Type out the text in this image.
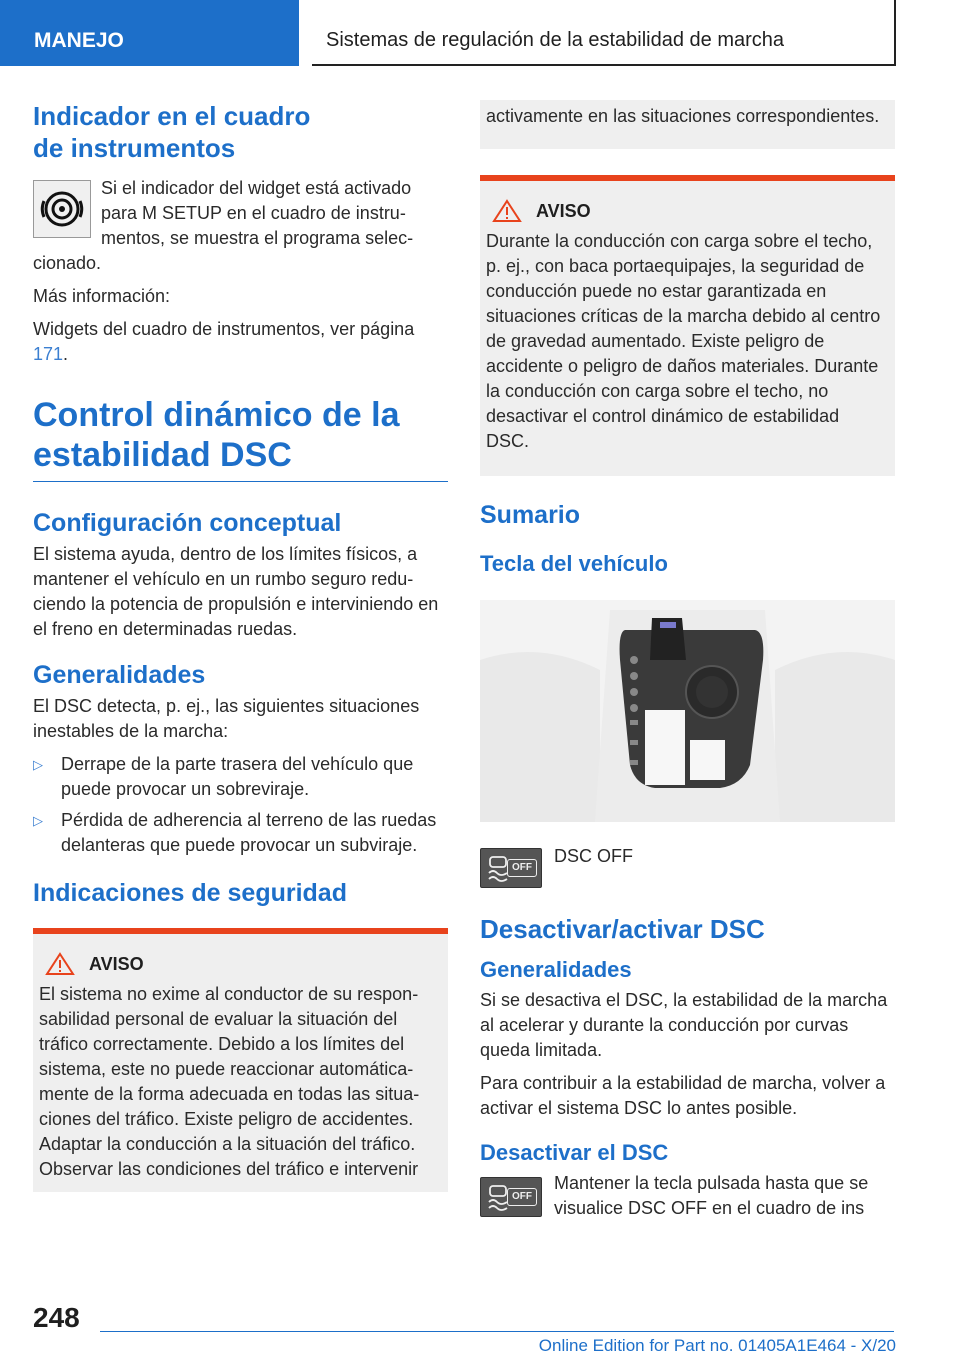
MANEJO	Sistemas de regulación de la estabilidad de marcha
Indicador en el cuadro
de instrumentos
Si el indicador del widget está activado para M SETUP en el cuadro de instrumentos, se muestra el programa seleccionado.
Más información:
Widgets del cuadro de instrumentos, ver página 171.
Control dinámico de la estabilidad DSC
Configuración conceptual
El sistema ayuda, dentro de los límites físicos, a mantener el vehículo en un rumbo seguro reduciendo la potencia de propulsión e interviniendo en el freno en determinadas ruedas.
Generalidades
El DSC detecta, p. ej., las siguientes situaciones inestables de la marcha:
▷ Derrape de la parte trasera del vehículo que puede provocar un sobreviraje.
▷ Pérdida de adherencia al terreno de las ruedas delanteras que puede provocar un subviraje.
Indicaciones de seguridad
AVISO
El sistema no exime al conductor de su responsabilidad personal de evaluar la situación del tráfico correctamente. Debido a los límites del sistema, este no puede reaccionar automáticamente de la forma adecuada en todas las situaciones del tráfico. Existe peligro de accidentes. Adaptar la conducción a la situación del tráfico. Observar las condiciones del tráfico e intervenir
activamente en las situaciones correspondientes.
AVISO
Durante la conducción con carga sobre el techo, p. ej., con baca portaequipajes, la seguridad de conducción puede no estar garantizada en situaciones críticas de la marcha debido al centro de gravedad aumentado. Existe peligro de accidente o peligro de daños materiales. Durante la conducción con carga sobre el techo, no desactivar el control dinámico de estabilidad DSC.
Sumario
Tecla del vehículo
OFF
DSC OFF
Desactivar/activar DSC
Generalidades
Si se desactiva el DSC, la estabilidad de la marcha al acelerar y durante la conducción por curvas queda limitada.
Para contribuir a la estabilidad de marcha, volver a activar el sistema DSC lo antes posible.
Desactivar el DSC
OFF
Mantener la tecla pulsada hasta que se visualice DSC OFF en el cuadro de ins
248
Online Edition for Part no. 01405A1E464 - X/20
